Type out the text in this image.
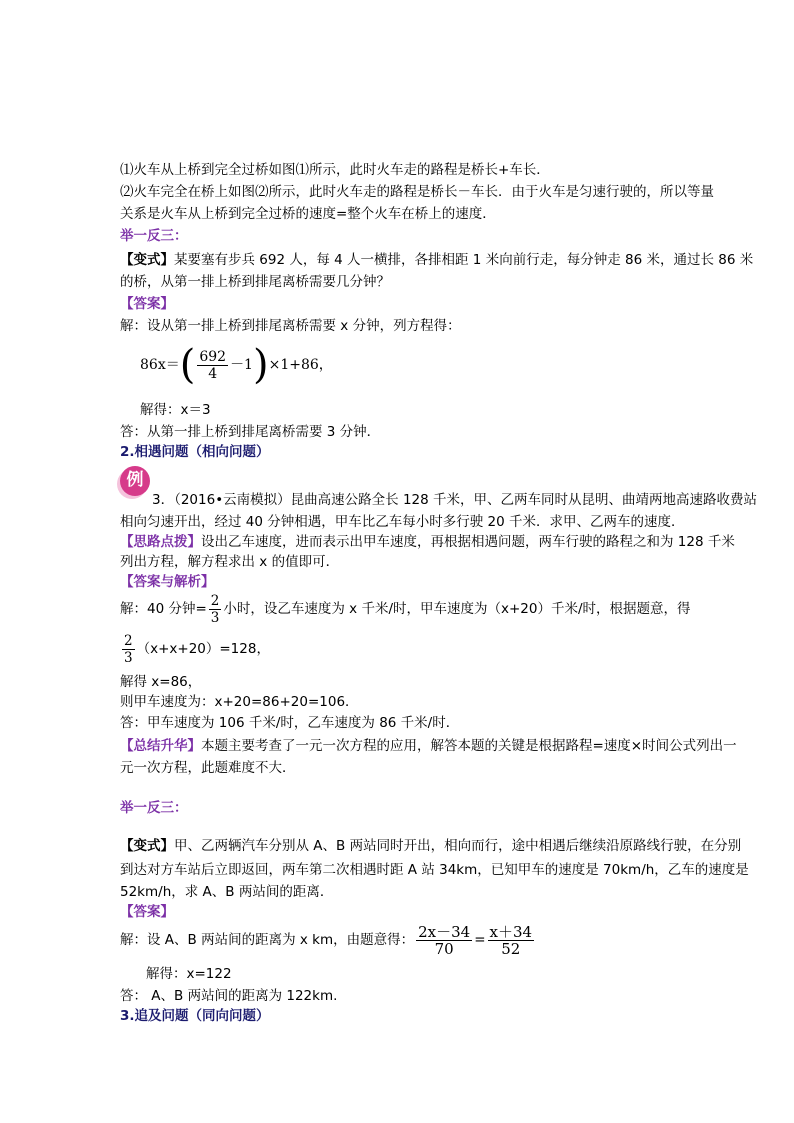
⑴火车从上桥到完全过桥如图⑴所示，此时火车走的路程是桥长+车长．
⑵火车完全在桥上如图⑵所示，此时火车走的路程是桥长－车长．由于火车是匀速行驶的，所以等量
关系是火车从上桥到完全过桥的速度=整个火车在桥上的速度．
举一反三：
【变式】某要塞有步兵 692 人，每 4 人一横排，各排相距 1 米向前行走，每分钟走 86 米，通过长 86 米
的桥，从第一排上桥到排尾离桥需要几分钟？
【答案】
解：设从第一排上桥到排尾离桥需要 x 分钟，列方程得：
$86x=( \frac{692}{4} -1)\times 1+86$，
解得：x＝3
答：从第一排上桥到排尾离桥需要 3 分钟．
2.相遇问题（相向问题）
例
3．（2016•云南模拟）昆曲高速公路全长 128 千米，甲、乙两车同时从昆明、曲靖两地高速路收费站
相向匀速开出，经过 40 分钟相遇，甲车比乙车每小时多行驶 20 千米．求甲、乙两车的速度．
【思路点拨】设出乙车速度，进而表示出甲车速度，再根据相遇问题，两车行驶的路程之和为 128 千米
列出方程，解方程求出 x 的值即可．
【答案与解析】
解：40 分钟= $\frac{2}{3}$ 小时，设乙车速度为 x 千米/时，甲车速度为（x+20）千米/时，根据题意，得
$\frac{2}{3} (x+x+20)=128$，
解得 x=86，
则甲车速度为：x+20=86+20=106．
答：甲车速度为 106 千米/时，乙车速度为 86 千米/时．
【总结升华】本题主要考查了一元一次方程的应用，解答本题的关键是根据路程=速度×时间公式列出一
元一次方程，此题难度不大．
举一反三：
【变式】甲、乙两辆汽车分别从 A、B 两站同时开出，相向而行，途中相遇后继续沿原路线行驶，在分别
到达对方车站后立即返回，两车第二次相遇时距 A 站 34km，已知甲车的速度是 70km/h，乙车的速度是
52km/h，求 A、B 两站间的距离．
【答案】
解：设 A、B 两站间的距离为 x km，由题意得： $\frac{2x-34}{70} = \frac{x+34}{52}$
解得：x=122
答： A、B 两站间的距离为 122km.
3.追及问题（同向问题）
